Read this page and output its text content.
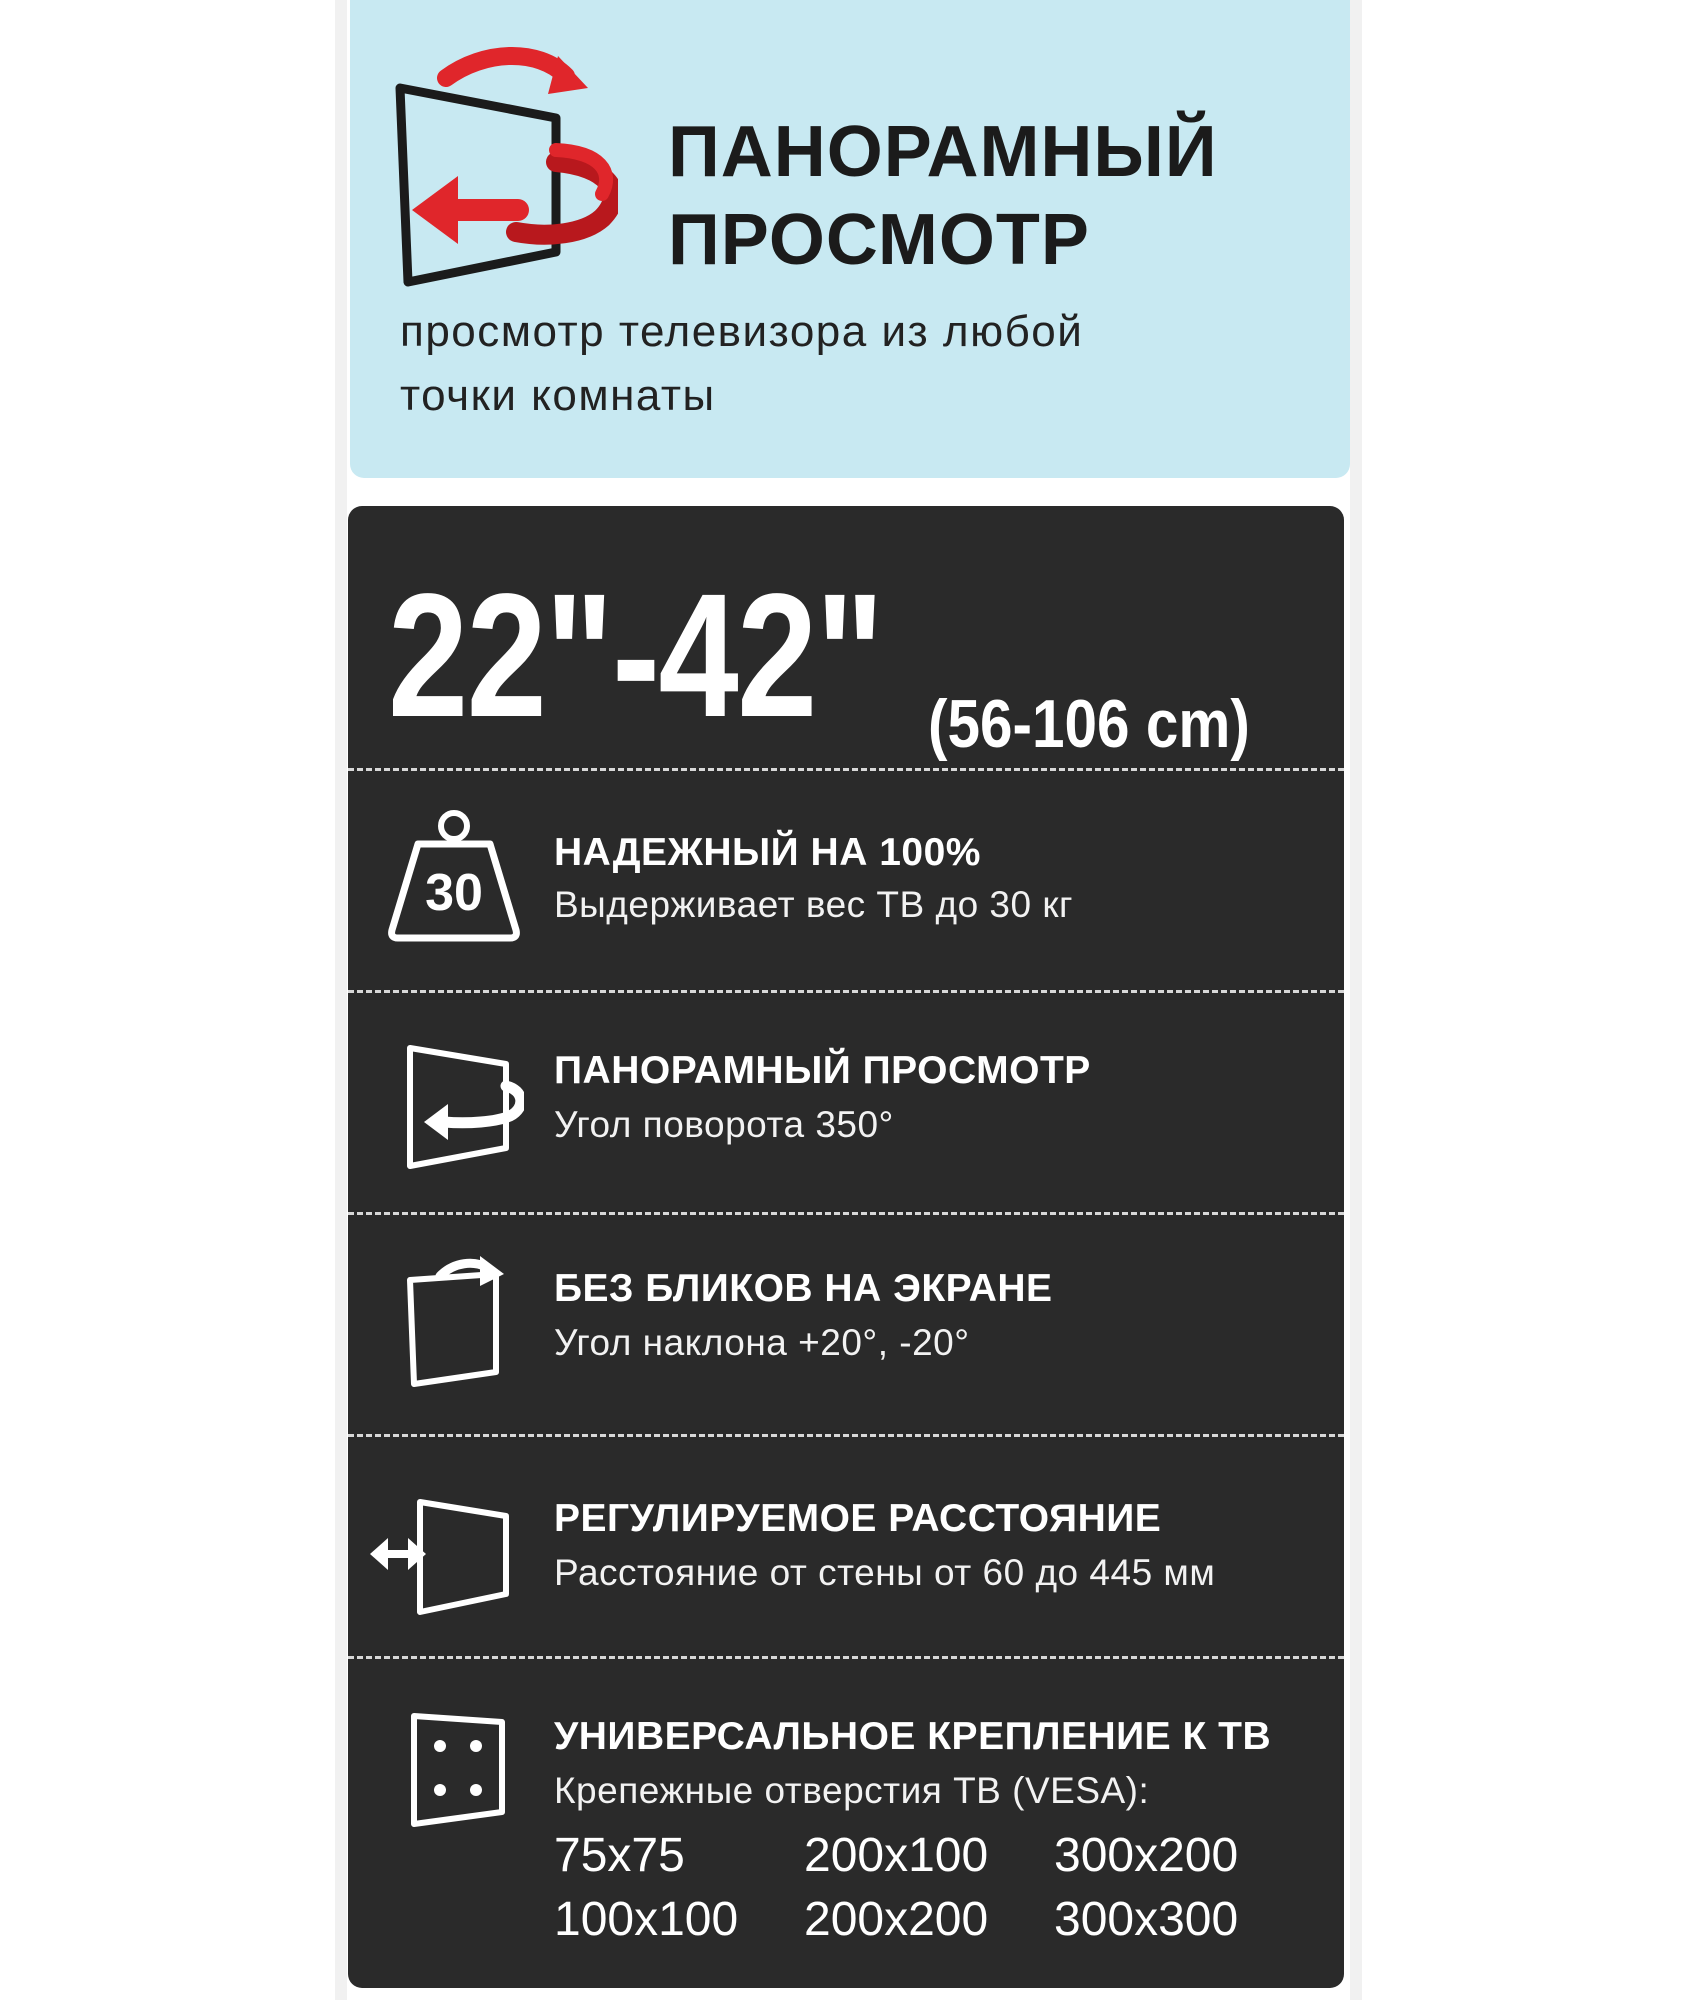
ПАНОРАМНЫЙ
ПРОСМОТР
просмотр телевизора из любой
точки комнаты
22"-42" (56-106 cm)
30
НАДЕЖНЫЙ НА 100%
Выдерживает вес ТВ до 30 кг
ПАНОРАМНЫЙ ПРОСМОТР
Угол поворота 350°
БЕЗ БЛИКОВ НА ЭКРАНЕ
Угол наклона +20°, -20°
РЕГУЛИРУЕМОЕ РАССТОЯНИЕ
Расстояние от стены от 60 до 445 мм
УНИВЕРСАЛЬНОЕ КРЕПЛЕНИЕ К ТВ
Крепежные отверстия ТВ (VESA):
75x75
100x100
200x100
200x200
300x200
300x300
